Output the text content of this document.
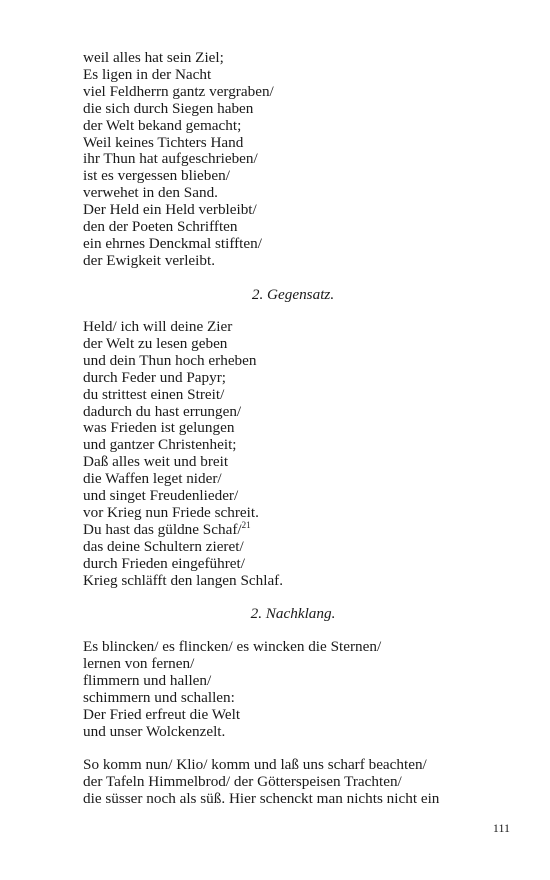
weil alles hat sein Ziel;
Es ligen in der Nacht
viel Feldherrn gantz vergraben/
die sich durch Siegen haben
der Welt bekand gemacht;
Weil keines Tichters Hand
ihr Thun hat aufgeschrieben/
ist es vergessen blieben/
verwehet in den Sand.
Der Held ein Held verbleibt/
den der Poeten Schrifften
ein ehrnes Denckmal stifften/
der Ewigkeit verleibt.
2. Gegensatz.
Held/ ich will deine Zier
der Welt zu lesen geben
und dein Thun hoch erheben
durch Feder und Papyr;
du strittest einen Streit/
dadurch du hast errungen/
was Frieden ist gelungen
und gantzer Christenheit;
Daß alles weit und breit
die Waffen leget nider/
und singet Freudenlieder/
vor Krieg nun Friede schreit.
Du hast das güldne Schaf/$^{21}$
das deine Schultern zieret/
durch Frieden eingeführet/
Krieg schläfft den langen Schlaf.
2. Nachklang.
Es blincken/ es flincken/ es wincken die Sternen/
lernen von fernen/
flimmern und hallen/
schimmern und schallen:
Der Fried erfreut die Welt
und unser Wolckenzelt.
So komm nun/ Klio/ komm und laß uns scharf beachten/
der Tafeln Himmelbrod/ der Götterspeisen Trachten/
die süsser noch als süß. Hier schenckt man nichts nicht ein
111
